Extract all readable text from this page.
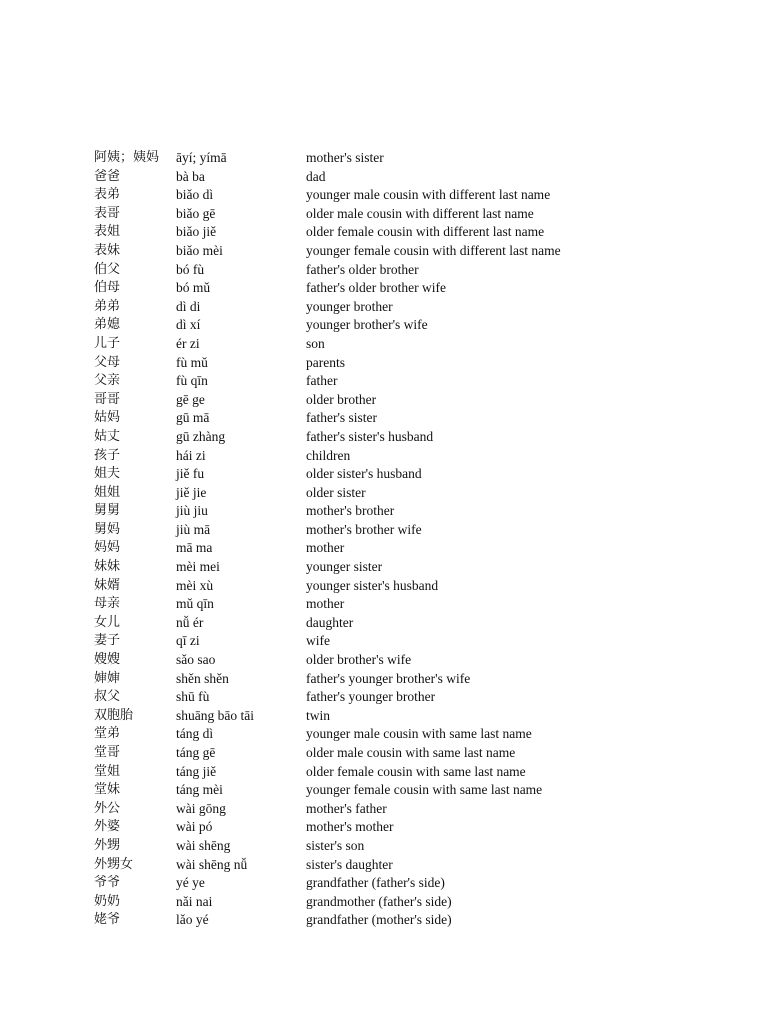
阿姨；姨妈	āyí; yímā	mother's sister
爸爸	bà ba	dad
表弟	biǎo dì	younger male cousin with different last name
表哥	biǎo gē	older male cousin with different last name
表姐	biǎo jiě	older female cousin with different last name
表妹	biǎo mèi	younger female cousin with different last name
伯父	bó fù	father's older brother
伯母	bó mǔ	father's older brother wife
弟弟	dì di	younger brother
弟媳	dì xí	younger brother's wife
儿子	ér zi	son
父母	fù mǔ	parents
父亲	fù qīn	father
哥哥	gē ge	older brother
姑妈	gū mā	father's sister
姑丈	gū zhàng	father's sister's husband
孩子	hái zi	children
姐夫	jiě fu	older sister's husband
姐姐	jiě jie	older sister
舅舅	jiù jiu	mother's brother
舅妈	jiù mā	mother's brother wife
妈妈	mā ma	mother
妹妹	mèi mei	younger sister
妹婿	mèi xù	younger sister's husband
母亲	mǔ qīn	mother
女儿	nǚ ér	daughter
妻子	qī zi	wife
嫂嫂	sǎo sao	older brother's wife
婶婶	shěn shěn	father's younger brother's wife
叔父	shū fù	father's younger brother
双胞胎	shuāng bāo tāi	twin
堂弟	táng dì	younger male cousin with same last name
堂哥	táng gē	older male cousin with same last name
堂姐	táng jiě	older female cousin with same last name
堂妹	táng mèi	younger female cousin with same last name
外公	wài gōng	mother's father
外婆	wài pó	mother's mother
外甥	wài shēng	sister's son
外甥女	wài shēng nǚ	sister's daughter
爷爷	yé ye	grandfather (father's side)
奶奶	nǎi nai	grandmother (father's side)
姥爷	lǎo yé	grandfather (mother's side)
